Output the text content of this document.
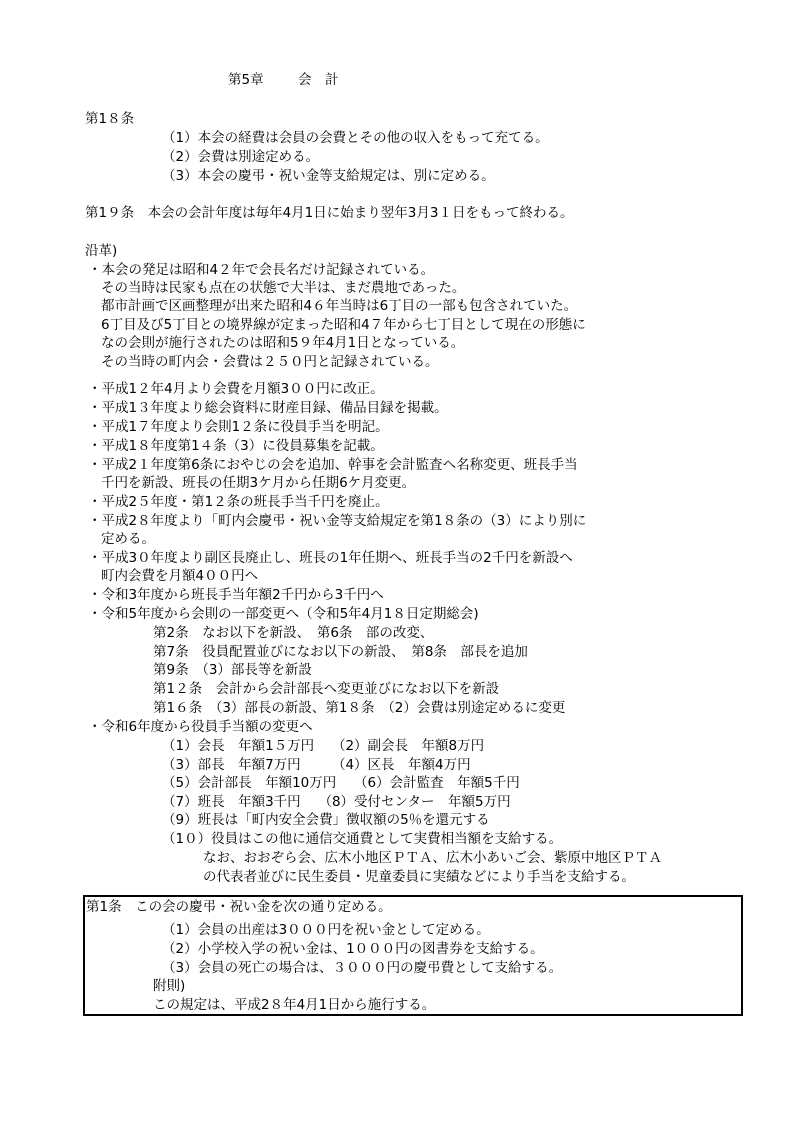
第5章	会　計
第1８条
（1）本会の経費は会員の会費とその他の収入をもって充てる。
（2）会費は別途定める。
（3）本会の慶弔・祝い金等支給規定は、別に定める。
第1９条　本会の会計年度は毎年4月1日に始まり翌年3月3１日をもって終わる。
沿革)
・本会の発足は昭和4２年で会長名だけ記録されている。
その当時は民家も点在の状態で大半は、まだ農地であった。
都市計画で区画整理が出来た昭和4６年当時は6丁目の一部も包含されていた。
6丁目及び5丁目との境界線が定まった昭和4７年から七丁目として現在の形態に
なの会則が施行されたのは昭和5９年4月1日となっている。
その当時の町内会・会費は２５０円と記録されている。
・平成1２年4月より会費を月額3００円に改正。
・平成1３年度より総会資料に財産目録、備品目録を掲載。
・平成1７年度より会則1２条に役員手当を明記。
・平成1８年度第1４条（3）に役員募集を記載。
・平成2１年度第6条におやじの会を追加、幹事を会計監査へ名称変更、班長手当
千円を新設、班長の任期3ケ月から任期6ケ月変更。
・平成2５年度・第1２条の班長手当千円を廃止。
・平成2８年度より「町内会慶弔・祝い金等支給規定を第1８条の（3）により別に
定める。
・平成3０年度より副区長廃止し、班長の1年任期へ、班長手当の2千円を新設へ
町内会費を月額4００円へ
・令和3年度から班長手当年額2千円から3千円へ
・令和5年度から会則の一部変更へ（令和5年4月1８日定期総会)
第2条　なお以下を新設、　第6条　部の改変、
第7条　役員配置並びになお以下の新設、　第8条　部長を追加
第9条　（3）部長等を新設
第1２条　会計から会計部長へ変更並びになお以下を新設
第1６条　（3）部長の新設、第1８条　（2）会費は別途定めるに変更
・令和6年度から役員手当額の変更へ
（1）会長　年額1５万円　 （2）副会長　年額8万円
（3）部長　年額7万円　　 （4）区長　年額4万円
（5）会計部長　年額10万円　 （6）会計監査　年額5千円
（7）班長　年額3千円　 （8）受付センター　年額5万円
（9）班長は「町内安全会費」徴収額の5％を還元する
（1０）役員はこの他に通信交通費として実費相当額を支給する。
なお、おおぞら会、広木小地区ＰＴＡ、広木小あいご会、紫原中地区ＰＴＡ
の代表者並びに民生委員・児童委員に実績などにより手当を支給する。
第1条　この会の慶弔・祝い金を次の通り定める。
（1）会員の出産は3０００円を祝い金として定める。
（2）小学校入学の祝い金は、1０００円の図書券を支給する。
（3）会員の死亡の場合は、３０００円の慶弔費として支給する。
附則)
この規定は、平成2８年4月1日から施行する。
